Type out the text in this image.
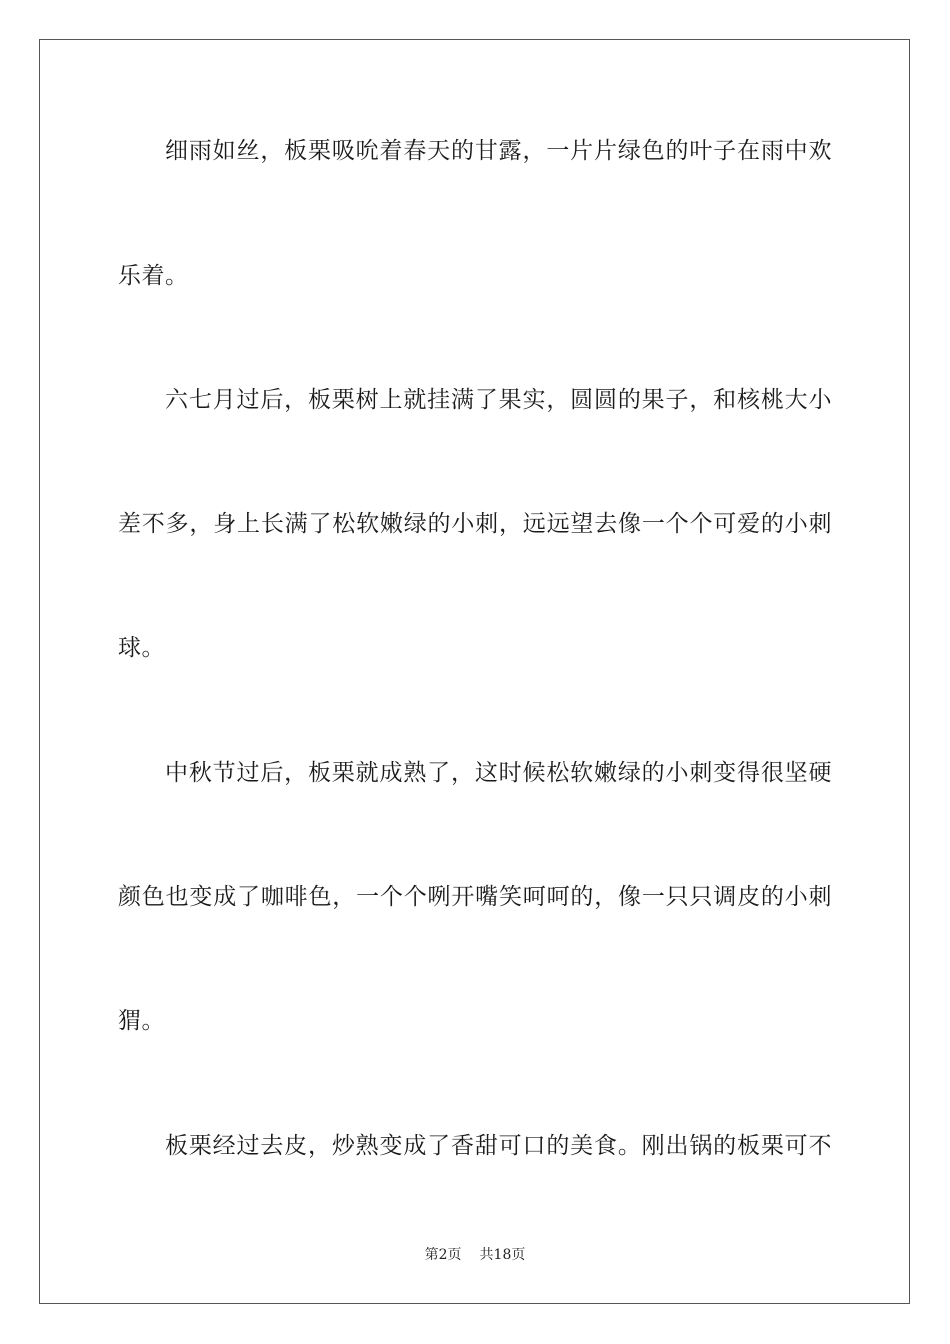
细雨如丝，板栗吸吮着春天的甘露，一片片绿色的叶子在雨中欢
乐着。
六七月过后，板栗树上就挂满了果实，圆圆的果子，和核桃大小
差不多，身上长满了松软嫩绿的小刺，远远望去像一个个可爱的小刺
球。
中秋节过后，板栗就成熟了，这时候松软嫩绿的小刺变得很坚硬
颜色也变成了咖啡色，一个个咧开嘴笑呵呵的，像一只只调皮的小刺
猬。
板栗经过去皮，炒熟变成了香甜可口的美食。刚出锅的板栗可不
第2页 共18页
